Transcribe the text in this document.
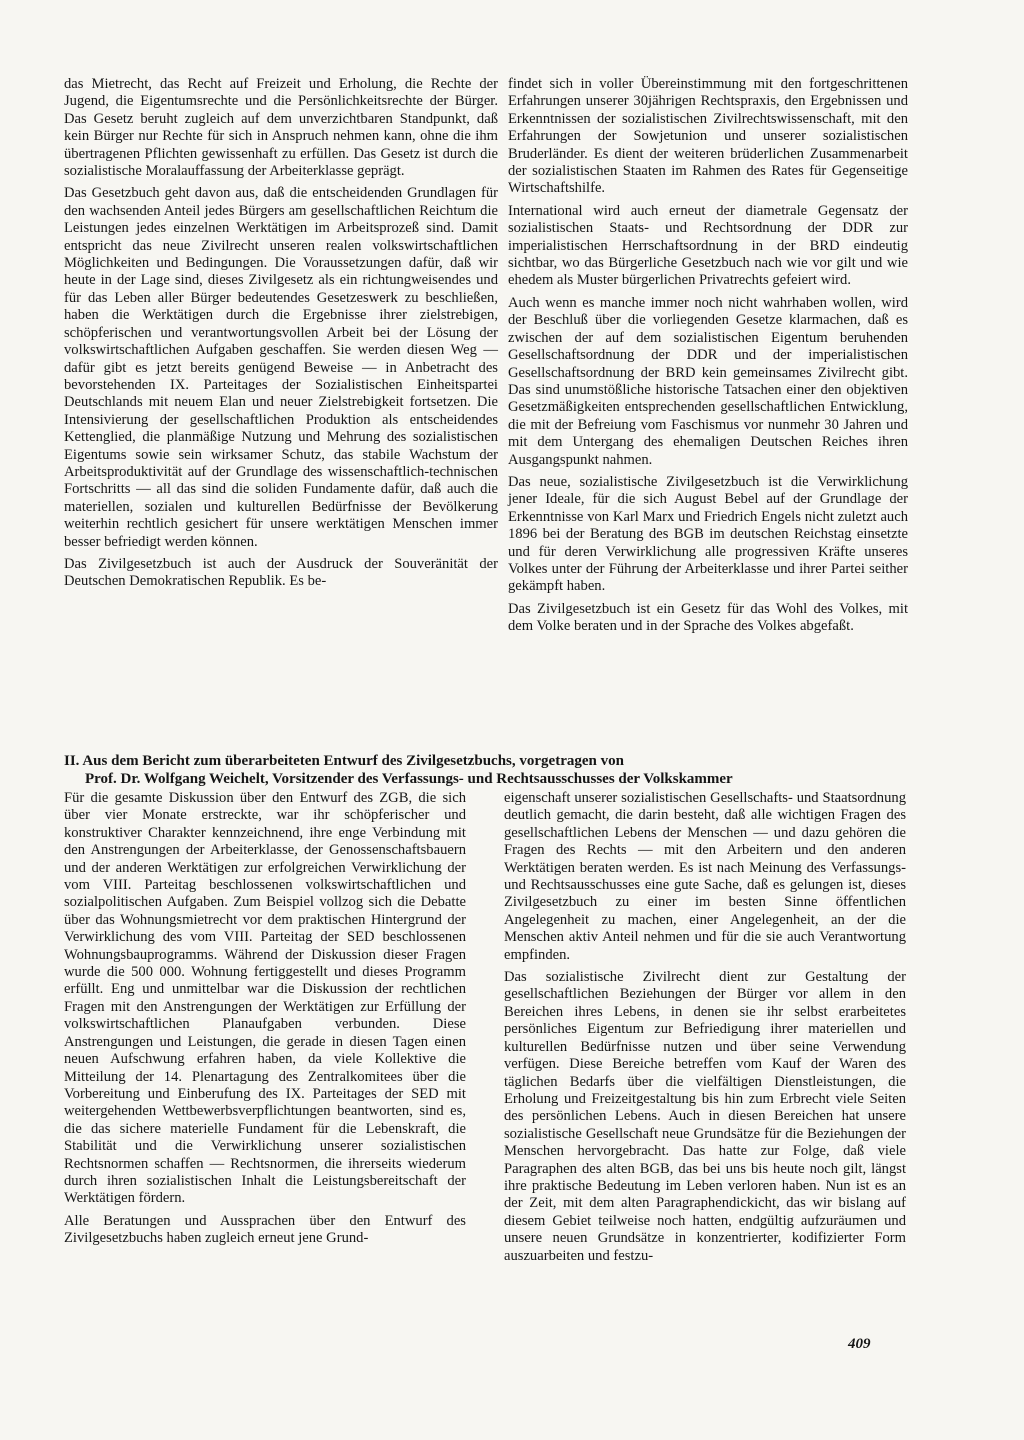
das Mietrecht, das Recht auf Freizeit und Erholung, die Rechte der Jugend, die Eigentumsrechte und die Persönlichkeitsrechte der Bürger. Das Gesetz beruht zugleich auf dem unverzichtbaren Standpunkt, daß kein Bürger nur Rechte für sich in Anspruch nehmen kann, ohne die ihm übertragenen Pflichten gewissenhaft zu erfüllen. Das Gesetz ist durch die sozialistische Moralauffassung der Arbeiterklasse geprägt.

Das Gesetzbuch geht davon aus, daß die entscheidenden Grundlagen für den wachsenden Anteil jedes Bürgers am gesellschaftlichen Reichtum die Leistungen jedes einzelnen Werktätigen im Arbeitsprozeß sind. Damit entspricht das neue Zivilrecht unseren realen volkswirtschaftlichen Möglichkeiten und Bedingungen. Die Voraussetzungen dafür, daß wir heute in der Lage sind, dieses Zivilgesetz als ein richtungweisendes und für das Leben aller Bürger bedeutendes Gesetzeswerk zu beschließen, haben die Werktätigen durch die Ergebnisse ihrer zielstrebigen, schöpferischen und verantwortungsvollen Arbeit bei der Lösung der volkswirtschaftlichen Aufgaben geschaffen. Sie werden diesen Weg — dafür gibt es jetzt bereits genügend Beweise — in Anbetracht des bevorstehenden IX. Parteitages der Sozialistischen Einheitspartei Deutschlands mit neuem Elan und neuer Zielstrebigkeit fortsetzen. Die Intensivierung der gesellschaftlichen Produktion als entscheidendes Kettenglied, die planmäßige Nutzung und Mehrung des sozialistischen Eigentums sowie sein wirksamer Schutz, das stabile Wachstum der Arbeitsproduktivität auf der Grundlage des wissenschaftlich-technischen Fortschritts — all das sind die soliden Fundamente dafür, daß auch die materiellen, sozialen und kulturellen Bedürfnisse der Bevölkerung weiterhin rechtlich gesichert für unsere werktätigen Menschen immer besser befriedigt werden können.

Das Zivilgesetzbuch ist auch der Ausdruck der Souveränität der Deutschen Demokratischen Republik. Es be-

findet sich in voller Übereinstimmung mit den fortgeschrittenen Erfahrungen unserer 30jährigen Rechtspraxis, den Ergebnissen und Erkenntnissen der sozialistischen Zivilrechtswissenschaft, mit den Erfahrungen der Sowjetunion und unserer sozialistischen Bruderländer. Es dient der weiteren brüderlichen Zusammenarbeit der sozialistischen Staaten im Rahmen des Rates für Gegenseitige Wirtschaftshilfe.

International wird auch erneut der diametrale Gegensatz der sozialistischen Staats- und Rechtsordnung der DDR zur imperialistischen Herrschaftsordnung in der BRD eindeutig sichtbar, wo das Bürgerliche Gesetzbuch nach wie vor gilt und wie ehedem als Muster bürgerlichen Privatrechts gefeiert wird.

Auch wenn es manche immer noch nicht wahrhaben wollen, wird der Beschluß über die vorliegenden Gesetze klarmachen, daß es zwischen der auf dem sozialistischen Eigentum beruhenden Gesellschaftsordnung der DDR und der imperialistischen Gesellschaftsordnung der BRD kein gemeinsames Zivilrecht gibt. Das sind unumstößliche historische Tatsachen einer den objektiven Gesetzmäßigkeiten entsprechenden gesellschaftlichen Entwicklung, die mit der Befreiung vom Faschismus vor nunmehr 30 Jahren und mit dem Untergang des ehemaligen Deutschen Reiches ihren Ausgangspunkt nahmen.

Das neue, sozialistische Zivilgesetzbuch ist die Verwirklichung jener Ideale, für die sich August Bebel auf der Grundlage der Erkenntnisse von Karl Marx und Friedrich Engels nicht zuletzt auch 1896 bei der Beratung des BGB im deutschen Reichstag einsetzte und für deren Verwirklichung alle progressiven Kräfte unseres Volkes unter der Führung der Arbeiterklasse und ihrer Partei seither gekämpft haben.

Das Zivilgesetzbuch ist ein Gesetz für das Wohl des Volkes, mit dem Volke beraten und in der Sprache des Volkes abgefaßt.

II. Aus dem Bericht zum überarbeiteten Entwurf des Zivilgesetzbuchs, vorgetragen von
Prof. Dr. Wolfgang Weichelt, Vorsitzender des Verfassungs- und Rechtsausschusses der Volkskammer

Für die gesamte Diskussion über den Entwurf des ZGB, die sich über vier Monate erstreckte, war ihr schöpferischer und konstruktiver Charakter kennzeichnend, ihre enge Verbindung mit den Anstrengungen der Arbeiterklasse, der Genossenschaftsbauern und der anderen Werktätigen zur erfolgreichen Verwirklichung der vom VIII. Parteitag beschlossenen volkswirtschaftlichen und sozialpolitischen Aufgaben. Zum Beispiel vollzog sich die Debatte über das Wohnungsmietrecht vor dem praktischen Hintergrund der Verwirklichung des vom VIII. Parteitag der SED beschlossenen Wohnungsbauprogramms. Während der Diskussion dieser Fragen wurde die 500 000. Wohnung fertiggestellt und dieses Programm erfüllt. Eng und unmittelbar war die Diskussion der rechtlichen Fragen mit den Anstrengungen der Werktätigen zur Erfüllung der volkswirtschaftlichen Planaufgaben verbunden. Diese Anstrengungen und Leistungen, die gerade in diesen Tagen einen neuen Aufschwung erfahren haben, da viele Kollektive die Mitteilung der 14. Plenartagung des Zentralkomitees über die Vorbereitung und Einberufung des IX. Parteitages der SED mit weitergehenden Wettbewerbsverpflichtungen beantworten, sind es, die das sichere materielle Fundament für die Lebenskraft, die Stabilität und die Verwirklichung unserer sozialistischen Rechtsnormen schaffen — Rechtsnormen, die ihrerseits wiederum durch ihren sozialistischen Inhalt die Leistungsbereitschaft der Werktätigen fördern.

Alle Beratungen und Aussprachen über den Entwurf des Zivilgesetzbuchs haben zugleich erneut jene Grund-

eigenschaft unserer sozialistischen Gesellschafts- und Staatsordnung deutlich gemacht, die darin besteht, daß alle wichtigen Fragen des gesellschaftlichen Lebens der Menschen — und dazu gehören die Fragen des Rechts — mit den Arbeitern und den anderen Werktätigen beraten werden. Es ist nach Meinung des Verfassungs- und Rechtsausschusses eine gute Sache, daß es gelungen ist, dieses Zivilgesetzbuch zu einer im besten Sinne öffentlichen Angelegenheit zu machen, einer Angelegenheit, an der die Menschen aktiv Anteil nehmen und für die sie auch Verantwortung empfinden.

Das sozialistische Zivilrecht dient zur Gestaltung der gesellschaftlichen Beziehungen der Bürger vor allem in den Bereichen ihres Lebens, in denen sie ihr selbst erarbeitetes persönliches Eigentum zur Befriedigung ihrer materiellen und kulturellen Bedürfnisse nutzen und über seine Verwendung verfügen. Diese Bereiche betreffen vom Kauf der Waren des täglichen Bedarfs über die vielfältigen Dienstleistungen, die Erholung und Freizeitgestaltung bis hin zum Erbrecht viele Seiten des persönlichen Lebens. Auch in diesen Bereichen hat unsere sozialistische Gesellschaft neue Grundsätze für die Beziehungen der Menschen hervorgebracht. Das hatte zur Folge, daß viele Paragraphen des alten BGB, das bei uns bis heute noch gilt, längst ihre praktische Bedeutung im Leben verloren haben. Nun ist es an der Zeit, mit dem alten Paragraphendickicht, das wir bislang auf diesem Gebiet teilweise noch hatten, endgültig aufzuräumen und unsere neuen Grundsätze in konzentrierter, kodifizierter Form auszuarbeiten und festzu-

409
